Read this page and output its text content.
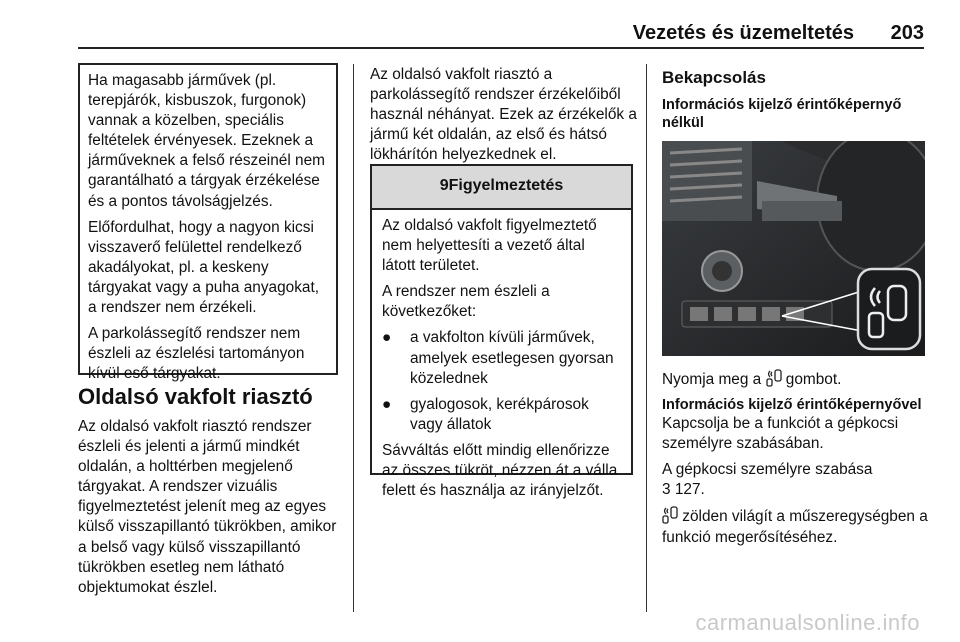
Vezetés és üzemeltetés 203

Ha magasabb járművek (pl. terepjárók, kisbuszok, furgonok) vannak a közelben, speciális feltételek érvényesek. Ezeknek a járműveknek a felső részeinél nem garantálható a tárgyak érzékelése és a pontos távolságjelzés.

Előfordulhat, hogy a nagyon kicsi visszaverő felülettel rendelkező akadályokat, pl. a keskeny tárgyakat vagy a puha anyagokat, a rendszer nem érzékeli.

A parkolássegítő rendszer nem észleli az észlelési tartományon kívül eső tárgyakat.

Oldalsó vakfolt riasztó

Az oldalsó vakfolt riasztó rendszer észleli és jelenti a jármű mindkét oldalán, a holttérben megjelenő tárgyakat. A rendszer vizuális figyelmeztetést jelenít meg az egyes külső visszapillantó tükrökben, amikor a belső vagy külső visszapillantó tükrökben esetleg nem látható objektumokat észlel.

Az oldalsó vakfolt riasztó a parkolássegítő rendszer érzékelőiből használ néhányat. Ezek az érzékelők a jármű két oldalán, az első és hátsó lökhárítón helyezkednek el.

9Figyelmeztetés

Az oldalsó vakfolt figyelmeztető nem helyettesíti a vezető által látott területet.

A rendszer nem észleli a következőket:

●	a vakfolton kívüli járművek, amelyek esetlegesen gyorsan közelednek
●	gyalogosok, kerékpárosok vagy állatok

Sávváltás előtt mindig ellenőrizze az összes tükröt, nézzen át a válla felett és használja az irányjelzőt.

Bekapcsolás
Információs kijelző érintőképernyő nélkül

Nyomja meg a gombot.

Információs kijelző érintőképernyővel

Kapcsolja be a funkciót a gépkocsi személyre szabásában.

A gépkocsi személyre szabása
3 127.

zölden világít a műszeregységben a funkció megerősítéséhez.

carmanualsonline.info
